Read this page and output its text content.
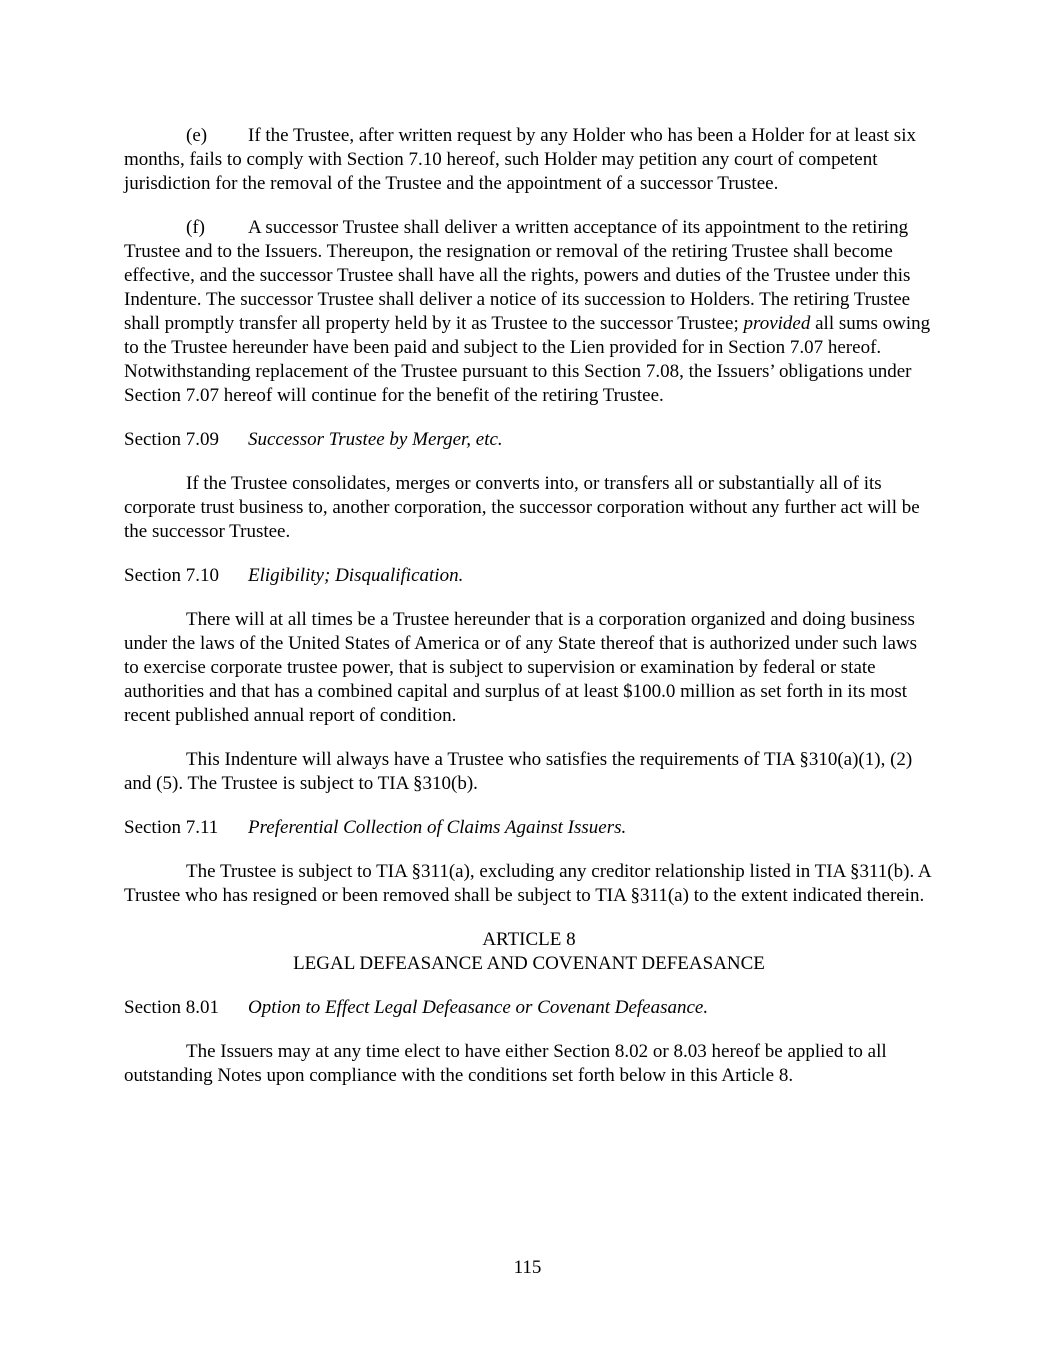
(e) If the Trustee, after written request by any Holder who has been a Holder for at least six months, fails to comply with Section 7.10 hereof, such Holder may petition any court of competent jurisdiction for the removal of the Trustee and the appointment of a successor Trustee.

(f) A successor Trustee shall deliver a written acceptance of its appointment to the retiring Trustee and to the Issuers. Thereupon, the resignation or removal of the retiring Trustee shall become effective, and the successor Trustee shall have all the rights, powers and duties of the Trustee under this Indenture. The successor Trustee shall deliver a notice of its succession to Holders. The retiring Trustee shall promptly transfer all property held by it as Trustee to the successor Trustee; provided all sums owing to the Trustee hereunder have been paid and subject to the Lien provided for in Section 7.07 hereof. Notwithstanding replacement of the Trustee pursuant to this Section 7.08, the Issuers’ obligations under Section 7.07 hereof will continue for the benefit of the retiring Trustee.

Section 7.09 Successor Trustee by Merger, etc.

If the Trustee consolidates, merges or converts into, or transfers all or substantially all of its corporate trust business to, another corporation, the successor corporation without any further act will be the successor Trustee.

Section 7.10 Eligibility; Disqualification.

There will at all times be a Trustee hereunder that is a corporation organized and doing business under the laws of the United States of America or of any State thereof that is authorized under such laws to exercise corporate trustee power, that is subject to supervision or examination by federal or state authorities and that has a combined capital and surplus of at least $100.0 million as set forth in its most recent published annual report of condition.

This Indenture will always have a Trustee who satisfies the requirements of TIA §310(a)(1), (2) and (5). The Trustee is subject to TIA §310(b).

Section 7.11 Preferential Collection of Claims Against Issuers.

The Trustee is subject to TIA §311(a), excluding any creditor relationship listed in TIA §311(b). A Trustee who has resigned or been removed shall be subject to TIA §311(a) to the extent indicated therein.

ARTICLE 8
LEGAL DEFEASANCE AND COVENANT DEFEASANCE
Section 8.01 Option to Effect Legal Defeasance or Covenant Defeasance.

The Issuers may at any time elect to have either Section 8.02 or 8.03 hereof be applied to all outstanding Notes upon compliance with the conditions set forth below in this Article 8.

115
